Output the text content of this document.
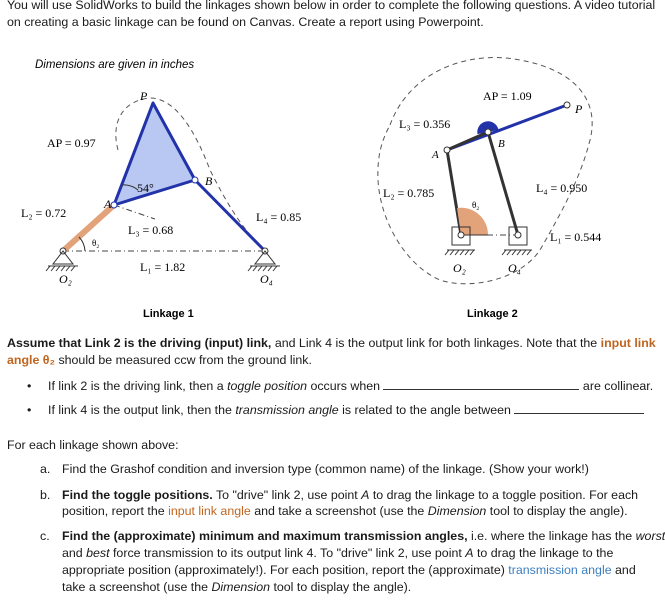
You will use SolidWorks to build the linkages shown below in order to complete the following questions. A video tutorial
on creating a basic linkage can be found on Canvas. Create a report using Powerpoint.
Dimensions are given in inches
P
AP = 0.97
54°	B
A
L₂ = 0.72
L₃ = 0.68
L₄ = 0.85
θ₂
L₁ = 1.82
O₂	O₄
Linkage 1
AP = 1.09
P
L₃ = 0.356
B
A
L₂ = 0.785
θ₂
L₄ = 0.950
L₁ = 0.544
O₂	O₄
Linkage 2
Assume that Link 2 is the driving (input) link, and Link 4 is the output link for both linkages. Note that the input link
angle θ₂ should be measured ccw from the ground link.
• If link 2 is the driving link, then a toggle position occurs when	are collinear.
• If link 4 is the output link, then the transmission angle is related to the angle between
For each linkage shown above:
a. Find the Grashof condition and inversion type (common name) of the linkage. (Show your work!)
b. Find the toggle positions. To "drive" link 2, use point A to drag the linkage to a toggle position. For each
position, report the input link angle and take a screenshot (use the Dimension tool to display the angle).
c. Find the (approximate) minimum and maximum transmission angles, i.e. where the linkage has the worst
and best force transmission to its output link 4. To "drive" link 2, use point A to drag the linkage to the
appropriate position (approximately!). For each position, report the (approximate) transmission angle and
take a screenshot (use the Dimension tool to display the angle).
